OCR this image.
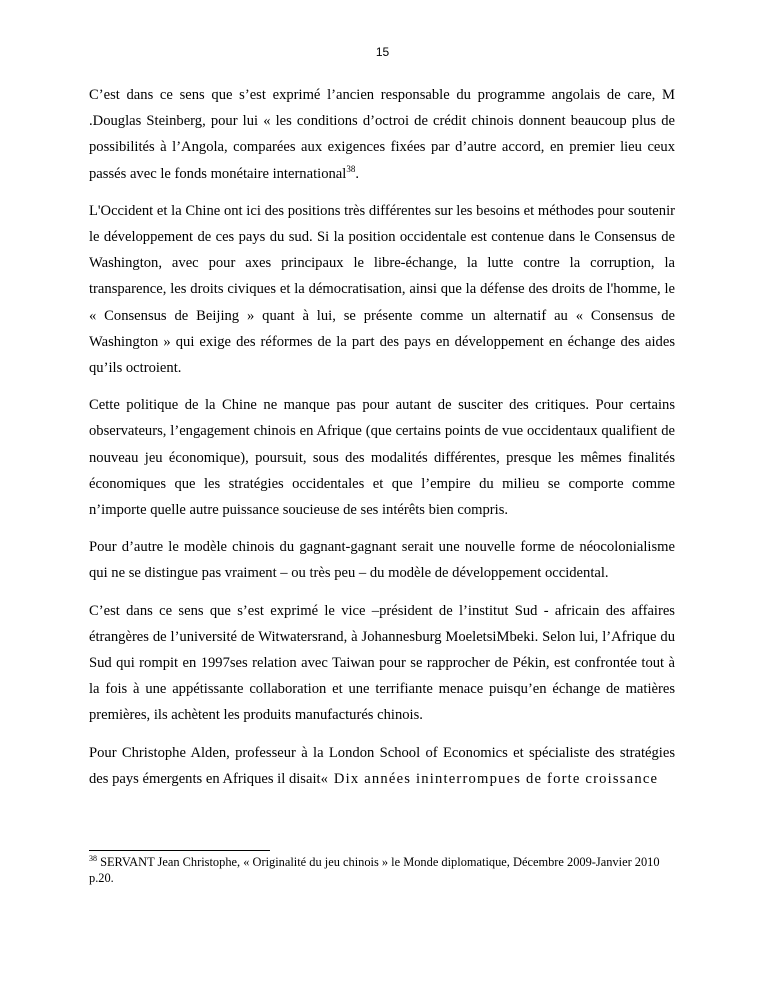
15

C’est dans ce sens que s’est exprimé l’ancien responsable du programme angolais de care, M .Douglas Steinberg, pour lui « les conditions d’octroi de crédit chinois donnent beaucoup plus de possibilités à l’Angola, comparées aux exigences fixées par d’autre accord, en premier lieu ceux passés avec le fonds monétaire international$^{38}$.

L'Occident et la Chine ont ici des positions très différentes sur les besoins et méthodes pour soutenir le développement de ces pays du sud. Si la position occidentale est contenue dans le Consensus de Washington, avec pour axes principaux le libre-échange, la lutte contre la corruption, la transparence, les droits civiques et la démocratisation, ainsi que la défense des droits de l'homme, le « Consensus de Beijing » quant à lui, se présente comme un alternatif au « Consensus de Washington » qui exige des réformes de la part des pays en développement en échange des aides qu’ils octroient.

Cette politique de la Chine ne manque pas pour autant de susciter des critiques. Pour certains observateurs, l’engagement chinois en Afrique (que certains points de vue occidentaux qualifient de nouveau jeu économique), poursuit, sous des modalités différentes, presque les mêmes finalités économiques que les stratégies occidentales et que l’empire du milieu se comporte comme n’importe quelle autre puissance soucieuse de ses intérêts bien compris.

Pour d’autre le modèle chinois du gagnant-gagnant serait une nouvelle forme de néocolonialisme qui ne se distingue pas vraiment – ou très peu – du modèle de développement occidental.

C’est dans ce sens que s’est exprimé le vice –président de l’institut Sud - africain des affaires étrangères de l’université de Witwatersrand, à Johannesburg MoeletsiMbeki. Selon lui, l’Afrique du Sud qui rompit en 1997ses relation avec Taiwan pour se rapprocher de Pékin, est confrontée tout à la fois à une appétissante collaboration et une terrifiante menace puisqu’en échange de matières premières, ils achètent les produits manufacturés chinois.

Pour Christophe Alden, professeur à la London School of Economics et spécialiste des stratégies des pays émergents en Afriques il disait« Dix années ininterrompues de forte croissance

$^{38}$ SERVANT Jean Christophe, « Originalité du jeu chinois » le Monde diplomatique, Décembre 2009-Janvier 2010 p.20.
